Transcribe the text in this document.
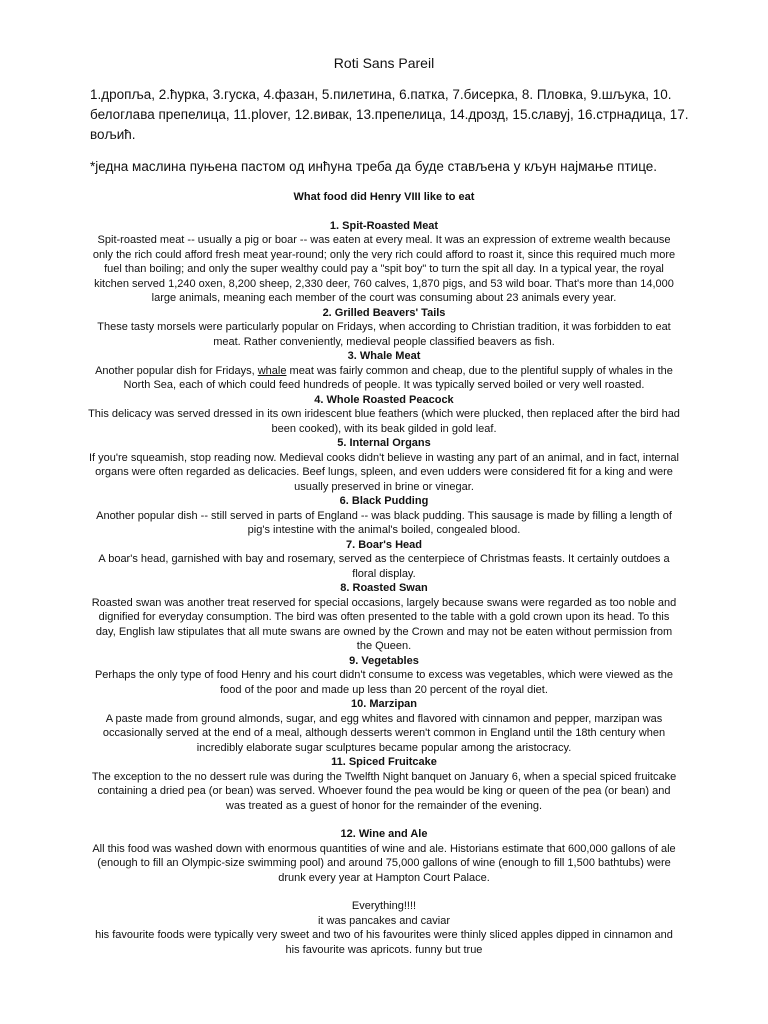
Roti Sans Pareil
1.дропља, 2.ћурка, 3.гуска, 4.фазан, 5.пилетина, 6.патка, 7.бисерка, 8. Пловка, 9.шљука, 10. белоглава препелица, 11.plover, 12.вивак, 13.препелица, 14.дрозд, 15.славуј, 16.стрнадица, 17. вољић.
*једна маслина пуњена пастом од инћуна треба да буде стављена у кљун најмање птице.
What food did Henry VIII like to eat
1. Spit-Roasted Meat

Spit-roasted meat -- usually a pig or boar -- was eaten at every meal. It was an expression of extreme wealth because only the rich could afford fresh meat year-round; only the very rich could afford to roast it, since this required much more fuel than boiling; and only the super wealthy could pay a "spit boy" to turn the spit all day. In a typical year, the royal kitchen served 1,240 oxen, 8,200 sheep, 2,330 deer, 760 calves, 1,870 pigs, and 53 wild boar. That's more than 14,000 large animals, meaning each member of the court was consuming about 23 animals every year.

2. Grilled Beavers' Tails

These tasty morsels were particularly popular on Fridays, when according to Christian tradition, it was forbidden to eat meat. Rather conveniently, medieval people classified beavers as fish.

3. Whale Meat

Another popular dish for Fridays, whale meat was fairly common and cheap, due to the plentiful supply of whales in the North Sea, each of which could feed hundreds of people. It was typically served boiled or very well roasted.

4. Whole Roasted Peacock

This delicacy was served dressed in its own iridescent blue feathers (which were plucked, then replaced after the bird had been cooked), with its beak gilded in gold leaf.

5. Internal Organs

If you're squeamish, stop reading now. Medieval cooks didn't believe in wasting any part of an animal, and in fact, internal organs were often regarded as delicacies. Beef lungs, spleen, and even udders were considered fit for a king and were usually preserved in brine or vinegar.

6. Black Pudding

Another popular dish -- still served in parts of England -- was black pudding. This sausage is made by filling a length of pig's intestine with the animal's boiled, congealed blood.

7. Boar's Head

A boar's head, garnished with bay and rosemary, served as the centerpiece of Christmas feasts. It certainly outdoes a floral display.

8. Roasted Swan

Roasted swan was another treat reserved for special occasions, largely because swans were regarded as too noble and dignified for everyday consumption. The bird was often presented to the table with a gold crown upon its head. To this day, English law stipulates that all mute swans are owned by the Crown and may not be eaten without permission from the Queen.

9. Vegetables

Perhaps the only type of food Henry and his court didn't consume to excess was vegetables, which were viewed as the food of the poor and made up less than 20 percent of the royal diet.

10. Marzipan

A paste made from ground almonds, sugar, and egg whites and flavored with cinnamon and pepper, marzipan was occasionally served at the end of a meal, although desserts weren't common in England until the 18th century when incredibly elaborate sugar sculptures became popular among the aristocracy.

11. Spiced Fruitcake

The exception to the no dessert rule was during the Twelfth Night banquet on January 6, when a special spiced fruitcake containing a dried pea (or bean) was served. Whoever found the pea would be king or queen of the pea (or bean) and was treated as a guest of honor for the remainder of the evening.

12. Wine and Ale

All this food was washed down with enormous quantities of wine and ale. Historians estimate that 600,000 gallons of ale (enough to fill an Olympic-size swimming pool) and around 75,000 gallons of wine (enough to fill 1,500 bathtubs) were drunk every year at Hampton Court Palace.

Everything!!!!
it was pancakes and caviar
his favourite foods were typically very sweet and two of his favourites were thinly sliced apples dipped in cinnamon and his favourite was apricots. funny but true
